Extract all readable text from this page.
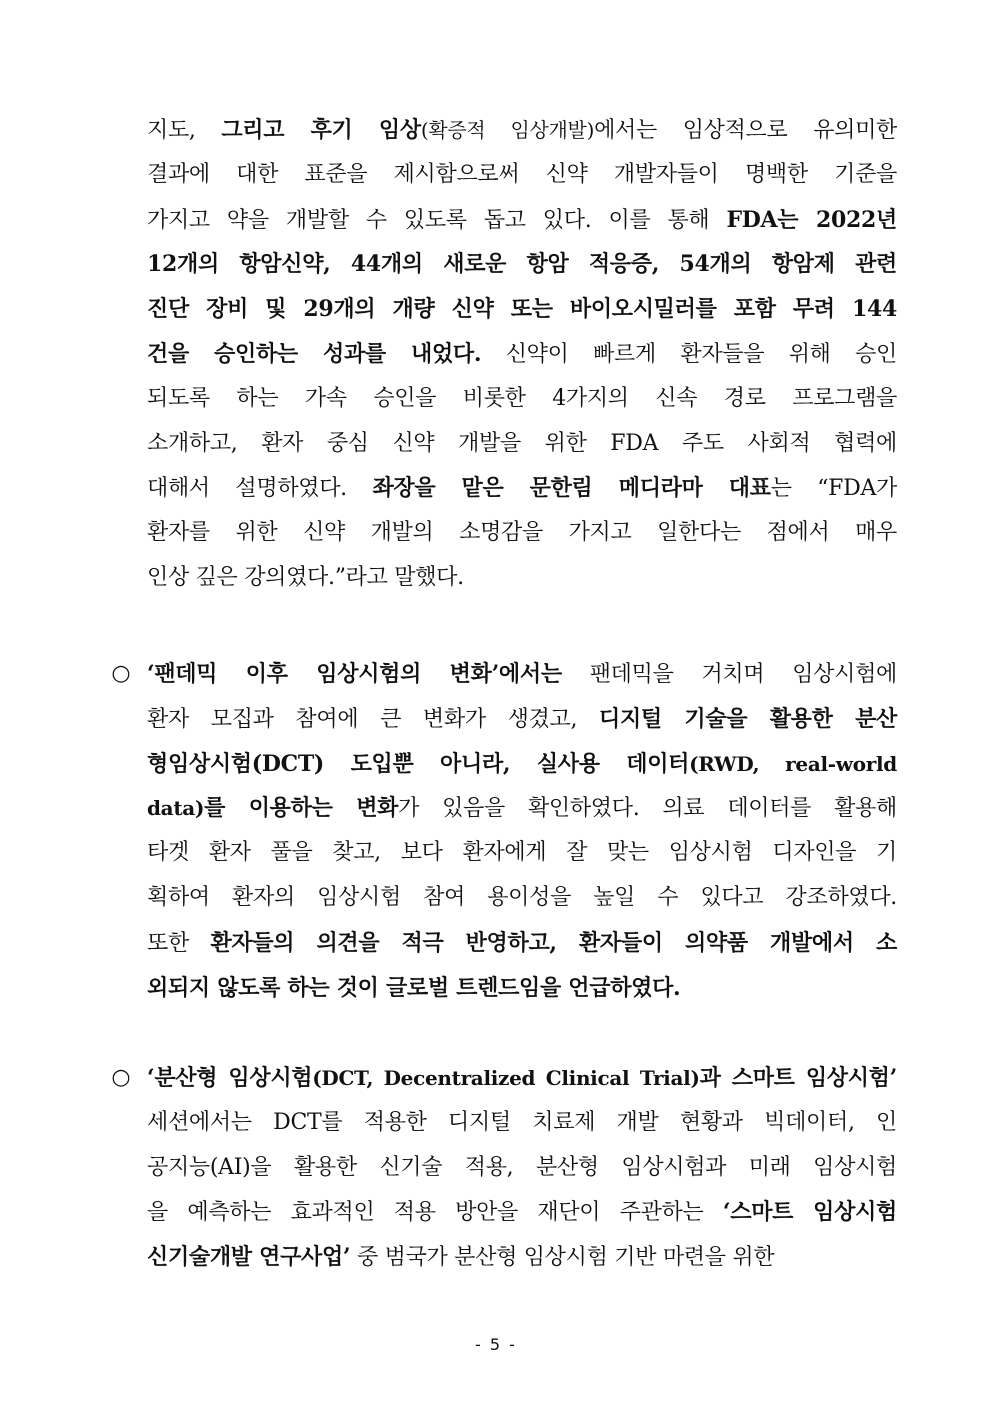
지도, 그리고 후기 임상(확증적 임상개발)에서는 임상적으로 유의미한
결과에 대한 표준을 제시함으로써 신약 개발자들이 명백한 기준을
가지고 약을 개발할 수 있도록 돕고 있다. 이를 통해 FDA는 2022년
12개의 항암신약, 44개의 새로운 항암 적응증, 54개의 항암제 관련
진단 장비 및 29개의 개량 신약 또는 바이오시밀러를 포함 무려 144
건을 승인하는 성과를 내었다. 신약이 빠르게 환자들을 위해 승인
되도록 하는 가속 승인을 비롯한 4가지의 신속 경로 프로그램을
소개하고, 환자 중심 신약 개발을 위한 FDA 주도 사회적 협력에
대해서 설명하였다. 좌장을 맡은 문한림 메디라마 대표는 “FDA가
환자를 위한 신약 개발의 소명감을 가지고 일한다는 점에서 매우
인상 깊은 강의였다.”라고 말했다.
○ ‘팬데믹 이후 임상시험의 변화’에서는 팬데믹을 거치며 임상시험에
환자 모집과 참여에 큰 변화가 생겼고, 디지털 기술을 활용한 분산
형임상시험(DCT) 도입뿐 아니라, 실사용 데이터(RWD, real-world
data)를 이용하는 변화가 있음을 확인하였다. 의료 데이터를 활용해
타겟 환자 풀을 찾고, 보다 환자에게 잘 맞는 임상시험 디자인을 기
획하여 환자의 임상시험 참여 용이성을 높일 수 있다고 강조하였다.
또한 환자들의 의견을 적극 반영하고, 환자들이 의약품 개발에서 소
외되지 않도록 하는 것이 글로벌 트렌드임을 언급하였다.
○ ‘분산형 임상시험(DCT, Decentralized Clinical Trial)과 스마트 임상시험’
세션에서는 DCT를 적용한 디지털 치료제 개발 현황과 빅데이터, 인
공지능(AI)을 활용한 신기술 적용, 분산형 임상시험과 미래 임상시험
을 예측하는 효과적인 적용 방안을 재단이 주관하는 ‘스마트 임상시험
신기술개발 연구사업’ 중 범국가 분산형 임상시험 기반 마련을 위한
- 5 -
